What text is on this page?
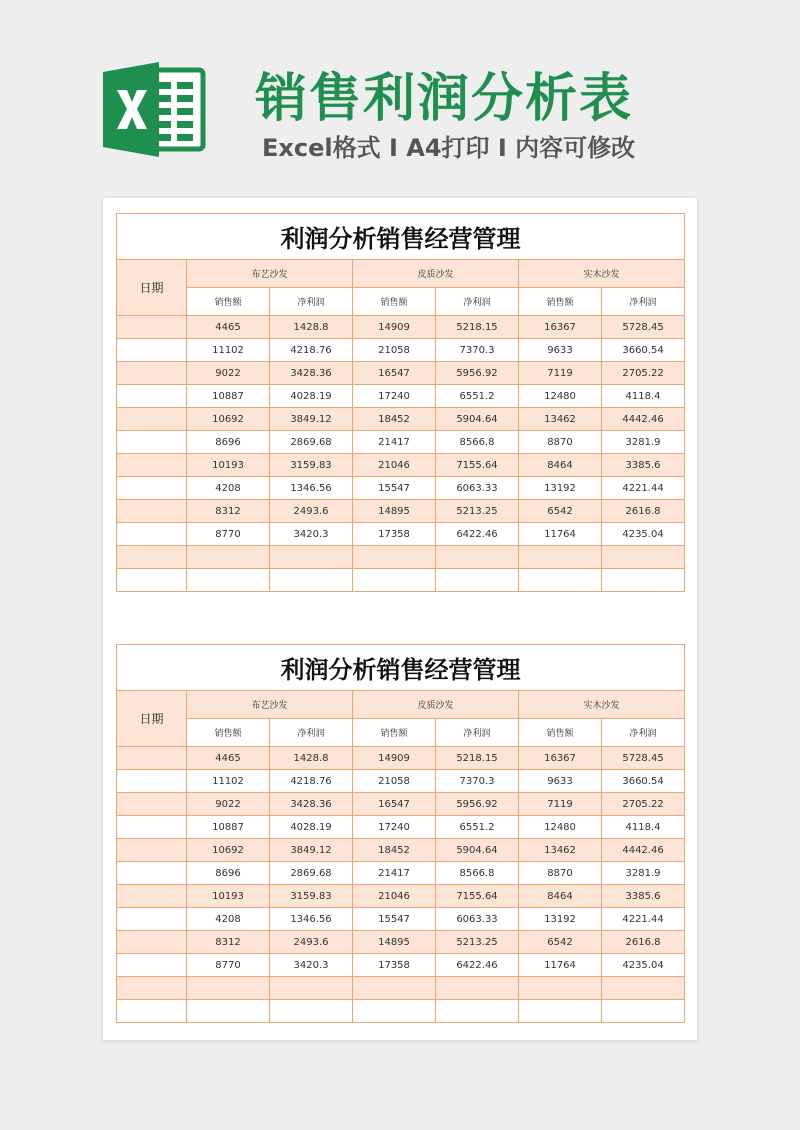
销售利润分析表
Excel格式 I A4打印 I 内容可修改
利润分析销售经营管理						
日期	布艺沙发		皮质沙发		实木沙发	
	销售额	净利润	销售额	净利润	销售额	净利润
	4465	1428.8	14909	5218.15	16367	5728.45
	11102	4218.76	21058	7370.3	9633	3660.54
	9022	3428.36	16547	5956.92	7119	2705.22
	10887	4028.19	17240	6551.2	12480	4118.4
	10692	3849.12	18452	5904.64	13462	4442.46
	8696	2869.68	21417	8566.8	8870	3281.9
	10193	3159.83	21046	7155.64	8464	3385.6
	4208	1346.56	15547	6063.33	13192	4221.44
	8312	2493.6	14895	5213.25	6542	2616.8
	8770	3420.3	17358	6422.46	11764	4235.04

利润分析销售经营管理						
日期	布艺沙发		皮质沙发		实木沙发	
	销售额	净利润	销售额	净利润	销售额	净利润
	4465	1428.8	14909	5218.15	16367	5728.45
	11102	4218.76	21058	7370.3	9633	3660.54
	9022	3428.36	16547	5956.92	7119	2705.22
	10887	4028.19	17240	6551.2	12480	4118.4
	10692	3849.12	18452	5904.64	13462	4442.46
	8696	2869.68	21417	8566.8	8870	3281.9
	10193	3159.83	21046	7155.64	8464	3385.6
	4208	1346.56	15547	6063.33	13192	4221.44
	8312	2493.6	14895	5213.25	6542	2616.8
	8770	3420.3	17358	6422.46	11764	4235.04
